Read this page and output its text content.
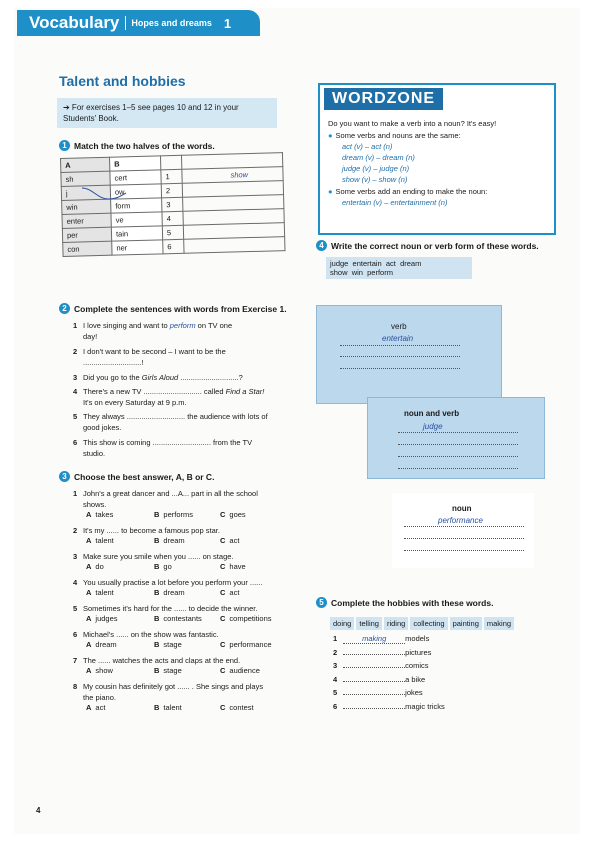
Vocabulary Hopes and dreams 1
Talent and hobbies
➔ For exercises 1–5 see pages 10 and 12 in your Students' Book.
1 Match the two halves of the words.
A	B		
sh	cert	1	show
j	ow	2	
win	form	3	
enter	ve	4	
per	tain	5	
con	ner	6	
2 Complete the sentences with words from Exercise 1.
1 I love singing and want to perform on TV one
day!
2 I don't want to be second – I want to be the
............................!
3 Did you go to the Girls Aloud ............................?
4 There's a new TV ............................ called Find a Star!
It's on every Saturday at 9 p.m.
5 They always ............................ the audience with lots of
good jokes.
6 This show is coming ............................ from the TV
studio.
3 Choose the best answer, A, B or C.
1 John's a great dancer and ...A... part in all the school
shows.
A takes	B performs	C goes
2 It's my ...... to become a famous pop star.
A talent	B dream	C act
3 Make sure you smile when you ...... on stage.
A do	B go	C have
4 You usually practise a lot before you perform your ......
A talent	B dream	C act
5 Sometimes it's hard for the ...... to decide the winner.
A judges	B contestants C competitions
6 Michael's ...... on the show was fantastic.
A dream	B stage	C performance
7 The ...... watches the acts and claps at the end.
A show	B stage	C audience
8 My cousin has definitely got ...... . She sings and plays
the piano.
A act	B talent	C contest
WORDZONE
Do you want to make a verb into a noun? It's easy!
● Some verbs and nouns are the same:
act (v) – act (n)
dream (v) – dream (n)
judge (v) – judge (n)
show (v) – show (n)
● Some verbs add an ending to make the noun:
entertain (v) – entertainment (n)
4 Write the correct noun or verb form of these words.
judge entertain act dream
show win perform
verb
entertain
noun and verb
judge
noun
performance
5 Complete the hobbies with these words.
doing telling riding collecting painting making
1	making	models
2	pictures
3	comics
4	a bike
5	jokes
6	magic tricks
4
